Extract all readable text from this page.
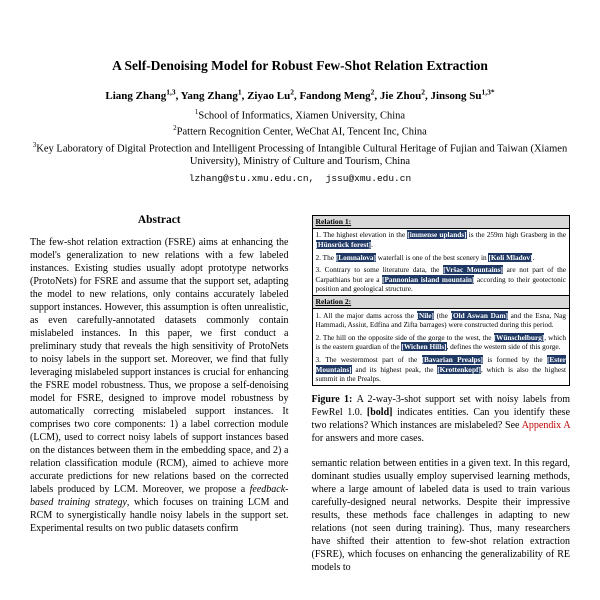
A Self-Denoising Model for Robust Few-Shot Relation Extraction
Liang Zhang$^{1,3}$, Yang Zhang$^1$, Ziyao Lu$^2$, Fandong Meng$^2$, Jie Zhou$^2$, Jinsong $Su^{1,3*}$
$^1$School of Informatics, Xiamen University, China
$^2$Pattern Recognition Center, WeChat AI, Tencent Inc, China
$^3$Key Laboratory of Digital Protection and Intelligent Processing of Intangible Cultural Heritage of Fujian and Taiwan (Xiamen University), Ministry of Culture and Tourism, China
lzhang@stu.xmu.edu.cn,  jssu@xmu.edu.cn
Abstract

The few-shot relation extraction (FSRE) aims at enhancing the model's generalization to new relations with a few labeled instances. Existing studies usually adopt prototype networks (ProtoNets) for FSRE and assume that the support set, adapting the model to new relations, only contains accurately labeled support instances. However, this assumption is often unrealistic, as even carefully-annotated datasets commonly contain mislabeled instances. In this paper, we first conduct a preliminary study that reveals the high sensitivity of ProtoNets to noisy labels in the support set. Moreover, we find that fully leveraging mislabeled support instances is crucial for enhancing the FSRE model robustness. Thus, we propose a self-denoising model for FSRE, designed to improve model robustness by automatically correcting mislabeled support instances. It comprises two core components: 1) a label correction module (LCM), used to correct noisy labels of support instances based on the distances between them in the embedding space, and 2) a relation classification module (RCM), aimed to achieve more accurate predictions for new relations based on the corrected labels produced by LCM. Moreover, we propose a feedback-based training strategy, which focuses on training LCM and RCM to synergistically handle noisy labels in the support set. Experimental results on two public datasets confirm

Relation 1:
1. The highest elevation in the [immense uplands] is the 259m high Grasberg in the [Hünsrück forest].
2. The [Lomnalova] waterfall is one of the best scenery in [Koli Mladov].
3. Contrary to some literature data, the [Vršac Mountains] are not part of the Carpathians but are a [Pannonian island mountain] according to their geotectonic position and geological structure.
Relation 2:
1. All the major dams across the [Nile] (the [Old Aswan Dam] and the Esna, Nag Hammadi, Assiut, Edfina and Zifta barrages) were constructed during this period.
2. The hill on the opposite side of the gorge to the west, the [Wünschelburg], which is the eastern guardian of the [Wichen Hills], defines the western side of this gorge.
3. The westernmost part of the [Bavarian Prealps] is formed by the [Ester Mountains] and its highest peak, the [Krottenkopf], which is also the highest summit in the Prealps.

Figure 1: A 2-way-3-shot support set with noisy labels from FewRel 1.0. [bold] indicates entities. Can you identify these two relations? Which instances are mislabeled? See Appendix A for answers and more cases.

semantic relation between entities in a given text. In this regard, dominant studies usually employ supervised learning methods, where a large amount of labeled data is used to train various carefully-designed neural networks. Despite their impressive results, these methods face challenges in adapting to new relations (not seen during training). Thus, many researchers have shifted their attention to few-shot relation extraction (FSRE), which focuses on enhancing the generalizability of RE models to
